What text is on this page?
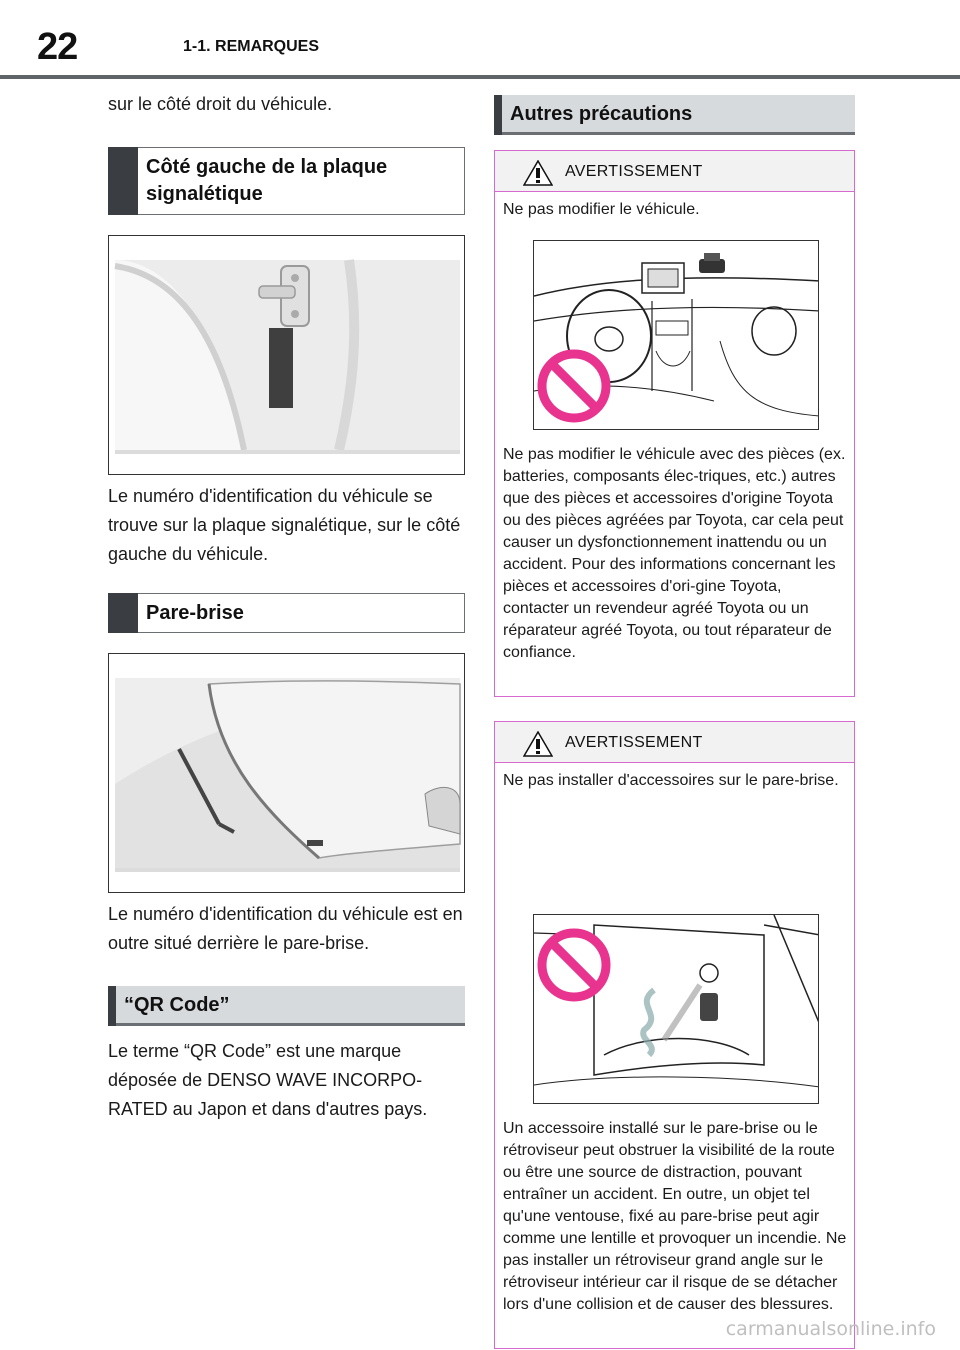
22	1-1. REMARQUES

sur le côté droit du véhicule.

Côté gauche de la plaque signalétique

Le numéro d'identification du véhicule se trouve sur la plaque signalétique, sur le côté gauche du véhicule.

Pare-brise

Le numéro d'identification du véhicule est en outre situé derrière le pare-brise.

“QR Code”

Le terme “QR Code” est une marque déposée de DENSO WAVE INCORPO-RATED au Japon et dans d'autres pays.

Autres précautions
AVERTISSEMENT

Ne pas modifier le véhicule.

Ne pas modifier le véhicule avec des pièces (ex. batteries, composants élec-triques, etc.) autres que des pièces et accessoires d'origine Toyota ou des pièces agréées par Toyota, car cela peut causer un dysfonctionnement inattendu ou un accident. Pour des informations concernant les pièces et accessoires d'ori-gine Toyota, contacter un revendeur agréé Toyota ou un réparateur agréé Toyota, ou tout réparateur de confiance.

AVERTISSEMENT

Ne pas installer d'accessoires sur le pare-brise.

Un accessoire installé sur le pare-brise ou le rétroviseur peut obstruer la visibilité de la route ou être une source de distraction, pouvant entraîner un accident. En outre, un objet tel qu'une ventouse, fixé au pare-brise peut agir comme une lentille et provoquer un incendie. Ne pas installer un rétroviseur grand angle sur le rétroviseur intérieur car il risque de se détacher lors d'une collision et de causer des blessures.

carmanualsonline.info
